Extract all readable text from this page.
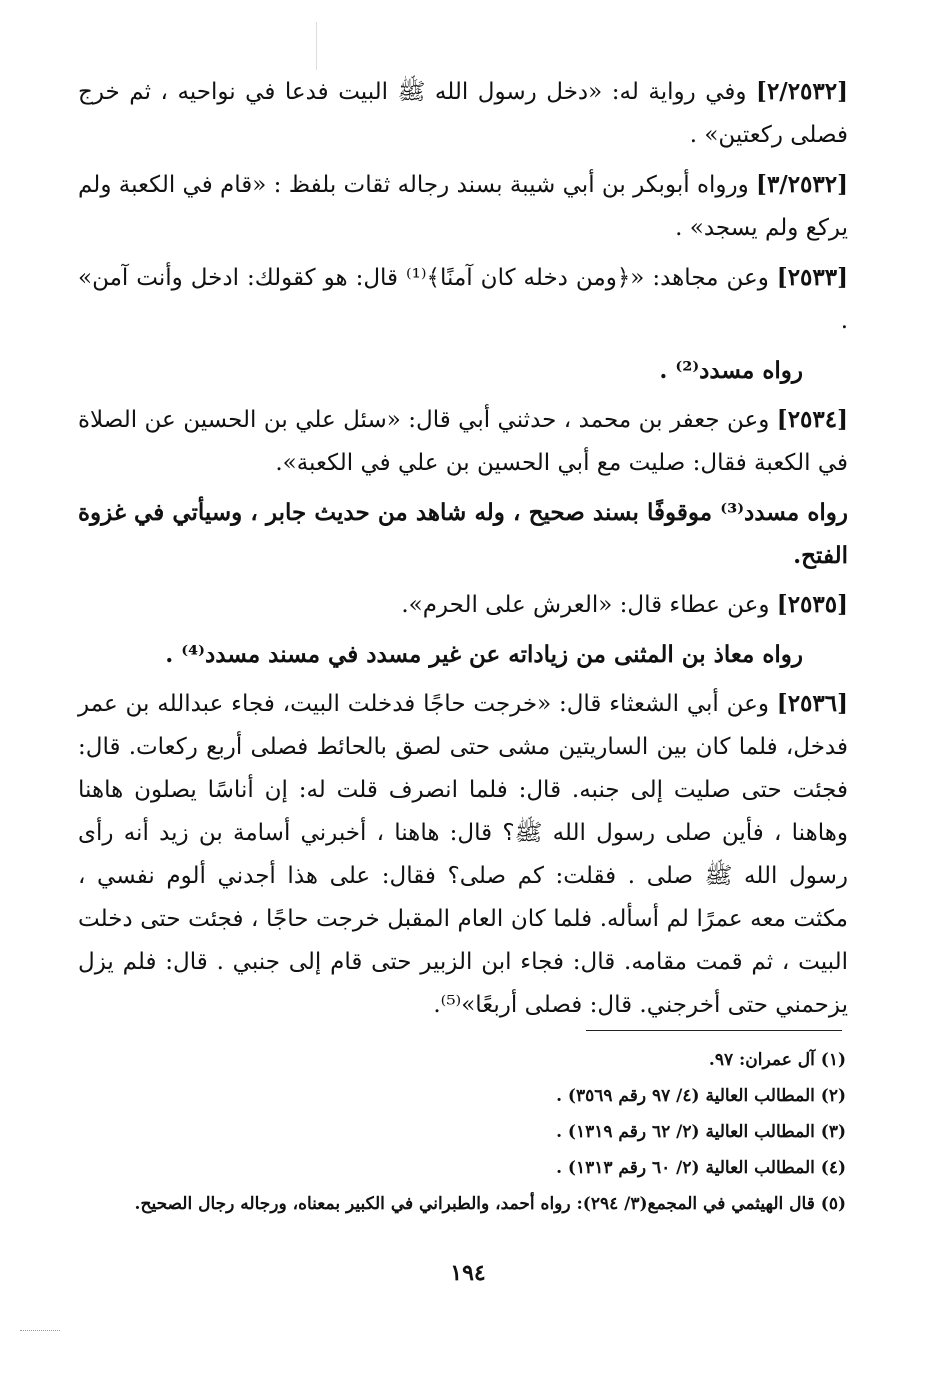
[٢/٢٥٣٢] وفي رواية له: «دخل رسول الله ﷺ البيت فدعا في نواحيه ، ثم خرج فصلى ركعتين» .

[٣/٢٥٣٢] ورواه أبوبكر بن أبي شيبة بسند رجاله ثقات بلفظ : «قام في الكعبة ولم يركع ولم يسجد» .

[٢٥٣٣] وعن مجاهد: «﴿ومن دخله كان آمنًا﴾⁽¹⁾ قال: هو كقولك: ادخل وأنت آمن» .

رواه مسدد⁽²⁾ .

[٢٥٣٤] وعن جعفر بن محمد ، حدثني أبي قال: «سئل علي بن الحسين عن الصلاة في الكعبة فقال: صليت مع أبي الحسين بن علي في الكعبة».

رواه مسدد⁽³⁾ موقوفًا بسند صحيح ، وله شاهد من حديث جابر ، وسيأتي في غزوة الفتح.

[٢٥٣٥] وعن عطاء قال: «العرش على الحرم».

رواه معاذ بن المثنى من زياداته عن غير مسدد في مسند مسدد⁽⁴⁾ .

[٢٥٣٦] وعن أبي الشعثاء قال: «خرجت حاجًا فدخلت البيت، فجاء عبدالله بن عمر فدخل، فلما كان بين الساريتين مشى حتى لصق بالحائط فصلى أربع ركعات. قال: فجئت حتى صليت إلى جنبه. قال: فلما انصرف قلت له: إن أناسًا يصلون هاهنا وهاهنا ، فأين صلى رسول الله ﷺ؟ قال: هاهنا ، أخبرني أسامة بن زيد أنه رأى رسول الله ﷺ صلى . فقلت: كم صلى؟ فقال: على هذا أجدني ألوم نفسي ، مكثت معه عمرًا لم أسأله. فلما كان العام المقبل خرجت حاجًا ، فجئت حتى دخلت البيت ، ثم قمت مقامه. قال: فجاء ابن الزبير حتى قام إلى جنبي . قال: فلم يزل يزحمني حتى أخرجني. قال: فصلى أربعًا»⁽⁵⁾.

(١) آل عمران: ٩٧.
(٢) المطالب العالية (٤/ ٩٧ رقم ٣٥٦٩) .
(٣) المطالب العالية (٢/ ٦٢ رقم ١٣١٩) .
(٤) المطالب العالية (٢/ ٦٠ رقم ١٣١٣) .
(٥) قال الهيثمي في المجمع(٣/ ٢٩٤): رواه أحمد، والطبراني في الكبير بمعناه، ورجاله رجال الصحيح.
١٩٤
